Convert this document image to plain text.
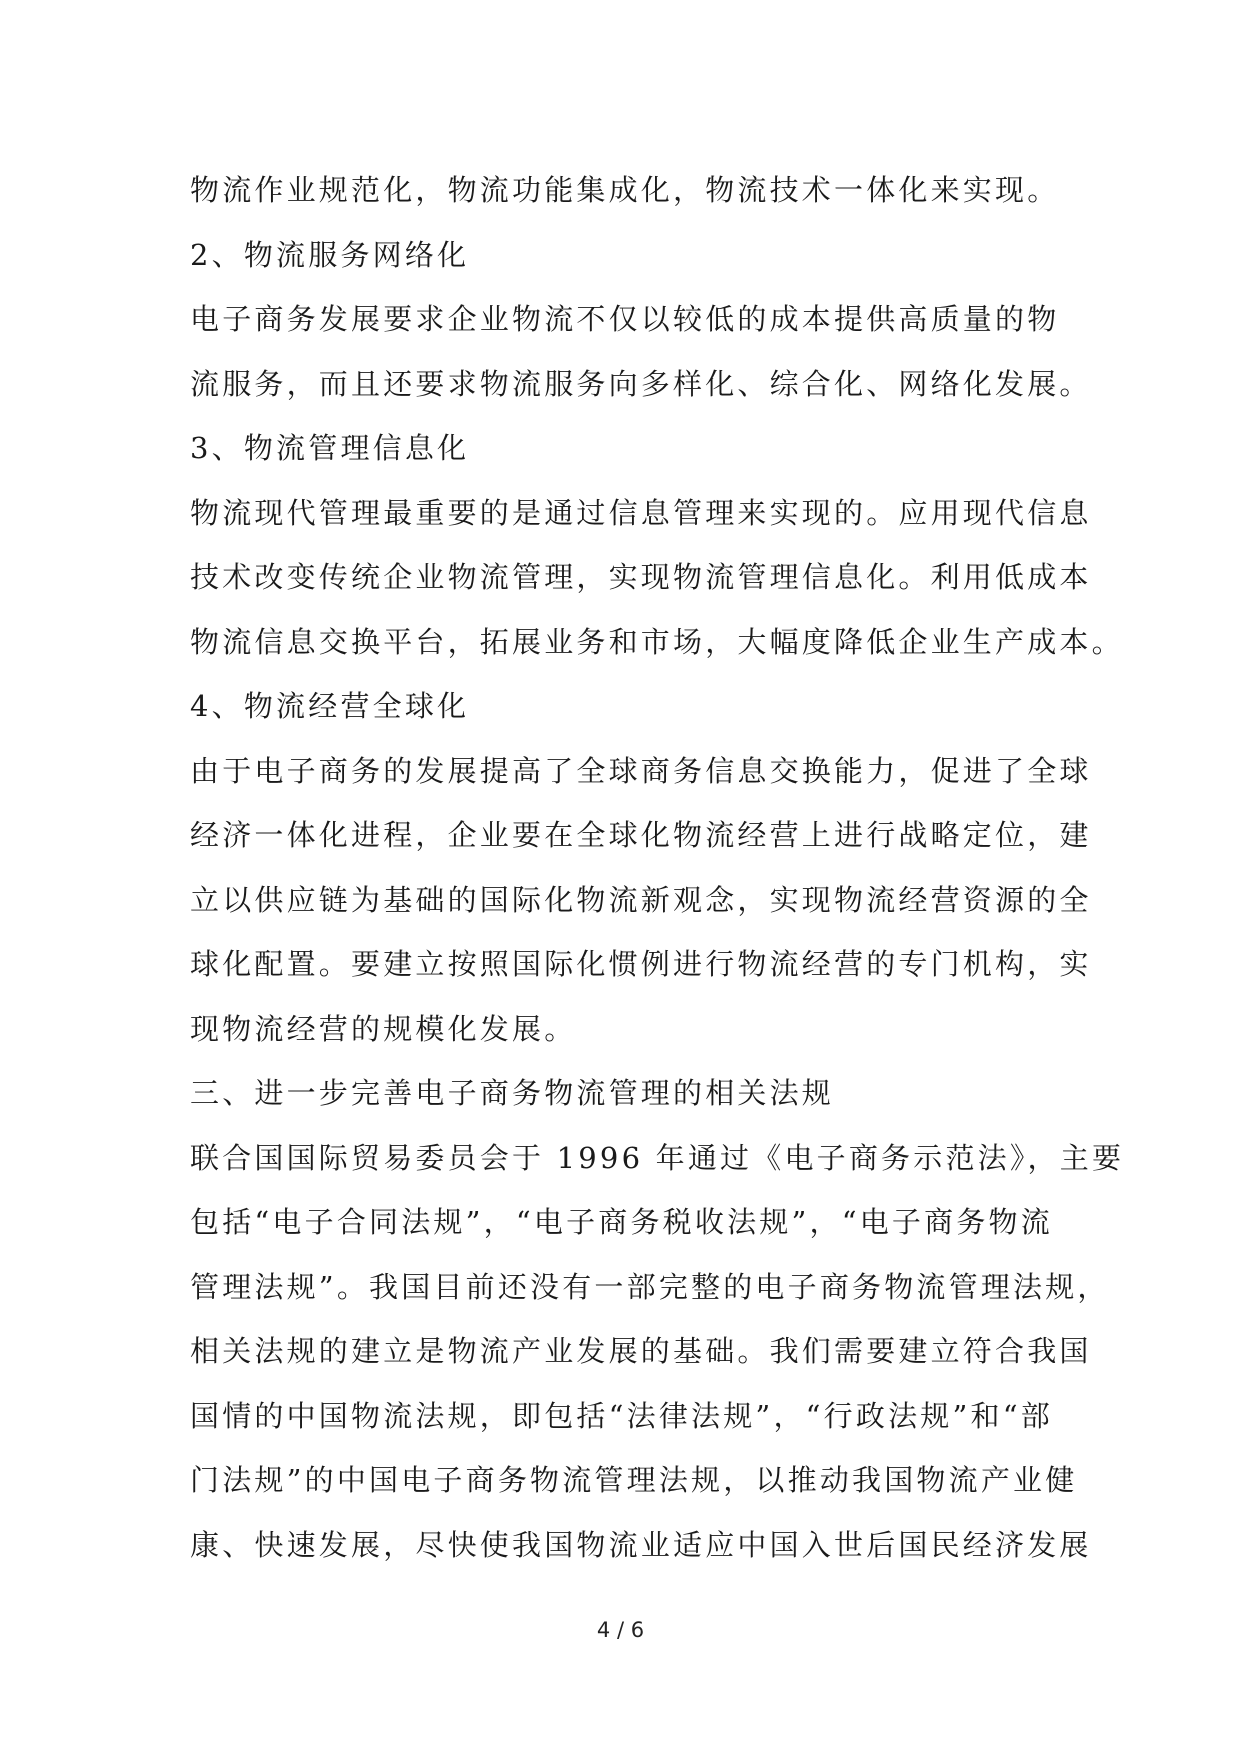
物流作业规范化，物流功能集成化，物流技术一体化来实现。
2、物流服务网络化
电子商务发展要求企业物流不仅以较低的成本提供高质量的物
流服务，而且还要求物流服务向多样化、综合化、网络化发展。
3、物流管理信息化
物流现代管理最重要的是通过信息管理来实现的。应用现代信息
技术改变传统企业物流管理，实现物流管理信息化。利用低成本
物流信息交换平台，拓展业务和市场，大幅度降低企业生产成本。
4、物流经营全球化
由于电子商务的发展提高了全球商务信息交换能力，促进了全球
经济一体化进程，企业要在全球化物流经营上进行战略定位，建
立以供应链为基础的国际化物流新观念，实现物流经营资源的全
球化配置。要建立按照国际化惯例进行物流经营的专门机构，实
现物流经营的规模化发展。
三、进一步完善电子商务物流管理的相关法规
联合国国际贸易委员会于 1996 年通过《电子商务示范法》，主要
包括“电子合同法规”，“电子商务税收法规”，“电子商务物流
管理法规”。我国目前还没有一部完整的电子商务物流管理法规，
相关法规的建立是物流产业发展的基础。我们需要建立符合我国
国情的中国物流法规，即包括“法律法规”，“行政法规”和“部
门法规”的中国电子商务物流管理法规，以推动我国物流产业健
康、快速发展，尽快使我国物流业适应中国入世后国民经济发展
4 / 6
